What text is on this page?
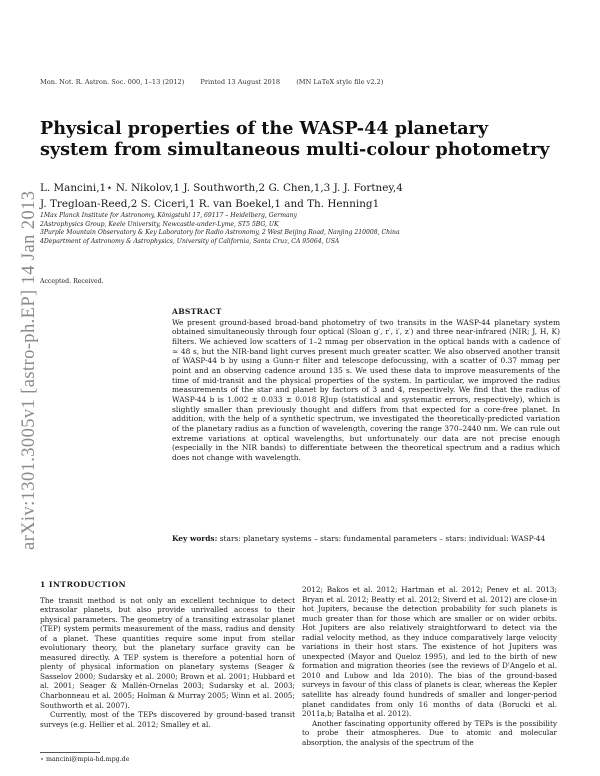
Mon. Not. R. Astron. Soc. 000, 1–13 (2012) Printed 13 August 2018 (MN LaTeX style file v2.2)
Physical properties of the WASP-44 planetary system from simultaneous multi-colour photometry
L. Mancini,1⋆ N. Nikolov,1 J. Southworth,2 G. Chen,1,3 J. J. Fortney,4
J. Tregloan-Reed,2 S. Ciceri,1 R. van Boekel,1 and Th. Henning1
1Max Planck Institute for Astronomy, Königstuhl 17, 69117 – Heidelberg, Germany
2Astrophysics Group, Keele University, Newcastle-under-Lyme, ST5 5BG, UK
3Purple Mountain Observatory & Key Laboratory for Radio Astronomy, 2 West Beijing Road, Nanjing 210008, China
4Department of Astronomy & Astrophysics, University of California, Santa Cruz, CA 95064, USA
Accepted. Received.
ABSTRACT
We present ground-based broad-band photometry of two transits in the WASP-44 planetary system obtained simultaneously through four optical (Sloan g′, r′, i′, z′) and three near-infrared (NIR; J, H, K) filters. We achieved low scatters of 1–2 mmag per observation in the optical bands with a cadence of ≈ 48 s, but the NIR-band light curves present much greater scatter. We also observed another transit of WASP-44 b by using a Gunn-r filter and telescope defocussing, with a scatter of 0.37 mmag per point and an observing cadence around 135 s. We used these data to improve measurements of the time of mid-transit and the physical properties of the system. In particular, we improved the radius measurements of the star and planet by factors of 3 and 4, respectively. We find that the radius of WASP-44 b is 1.002 ± 0.033 ± 0.018 RJup (statistical and systematic errors, respectively), which is slightly smaller than previously thought and differs from that expected for a core-free planet. In addition, with the help of a synthetic spectrum, we investigated the theoretically-predicted variation of the planetary radius as a function of wavelength, covering the range 370–2440 nm. We can rule out extreme variations at optical wavelengths, but unfortunately our data are not precise enough (especially in the NIR bands) to differentiate between the theoretical spectrum and a radius which does not change with wavelength.
Key words: stars: planetary systems – stars: fundamental parameters – stars: individual: WASP-44
arXiv:1301.3005v1 [astro-ph.EP] 14 Jan 2013
1 INTRODUCTION

The transit method is not only an excellent technique to detect extrasolar planets, but also provide unrivalled access to their physical parameters. The geometry of a transiting extrasolar planet (TEP) system permits measurement of the mass, radius and density of a planet. These quantities require some input from stellar evolutionary theory, but the planetary surface gravity can be measured directly. A TEP system is therefore a potential horn of plenty of physical information on planetary systems (Seager & Sasselov 2000; Sudarsky et al. 2000; Brown et al. 2001; Hubbard et al. 2001; Seager & Mallén-Ornelas 2003; Sudarsky et al. 2003; Charbonneau et al. 2005; Holman & Murray 2005; Winn et al. 2005; Southworth et al. 2007).

Currently, most of the TEPs discovered by ground-based transit surveys (e.g. Hellier et al. 2012; Smalley et al.

2012; Bakos et al. 2012; Hartman et al. 2012; Penev et al. 2013; Bryan et al. 2012; Beatty et al. 2012; Siverd et al. 2012) are close-in hot Jupiters, because the detection probability for such planets is much greater than for those which are smaller or on wider orbits. Hot Jupiters are also relatively straightforward to detect via the radial velocity method, as they induce comparatively large velocity variations in their host stars. The existence of hot Jupiters was unexpected (Mayor and Queloz 1995), and led to the birth of new formation and migration theories (see the reviews of D'Angelo et al. 2010 and Lubow and Ida 2010). The bias of the ground-based surveys in favour of this class of planets is clear, whereas the Kepler satellite has already found hundreds of smaller and longer-period planet candidates from only 16 months of data (Borucki et al. 2011a,b; Batalha et al. 2012).

Another fascinating opportunity offered by TEPs is the possibility to probe their atmospheres. Due to atomic and molecular absorption, the analysis of the spectrum of the

⋆ mancini@mpia-hd.mpg.de
